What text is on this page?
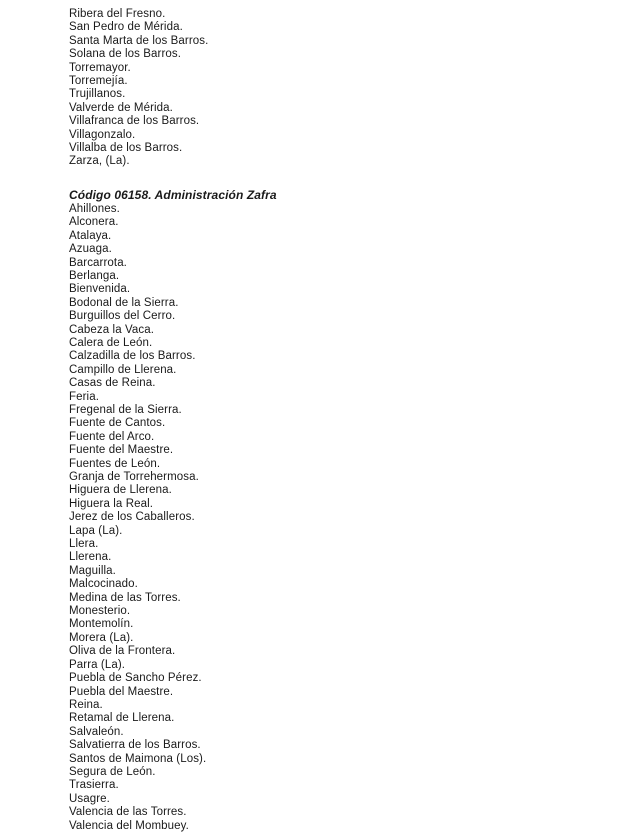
Ribera del Fresno.
San Pedro de Mérida.
Santa Marta de los Barros.
Solana de los Barros.
Torremayor.
Torremejía.
Trujillanos.
Valverde de Mérida.
Villafranca de los Barros.
Villagonzalo.
Villalba de los Barros.
Zarza, (La).
Código 06158. Administración Zafra
Ahillones.
Alconera.
Atalaya.
Azuaga.
Barcarrota.
Berlanga.
Bienvenida.
Bodonal de la Sierra.
Burguillos del Cerro.
Cabeza la Vaca.
Calera de León.
Calzadilla de los Barros.
Campillo de Llerena.
Casas de Reina.
Feria.
Fregenal de la Sierra.
Fuente de Cantos.
Fuente del Arco.
Fuente del Maestre.
Fuentes de León.
Granja de Torrehermosa.
Higuera de Llerena.
Higuera la Real.
Jerez de los Caballeros.
Lapa (La).
Llera.
Llerena.
Maguilla.
Malcocinado.
Medina de las Torres.
Monesterio.
Montemolín.
Morera (La).
Oliva de la Frontera.
Parra (La).
Puebla de Sancho Pérez.
Puebla del Maestre.
Reina.
Retamal de Llerena.
Salvaleón.
Salvatierra de los Barros.
Santos de Maimona (Los).
Segura de León.
Trasierra.
Usagre.
Valencia de las Torres.
Valencia del Mombuey.
